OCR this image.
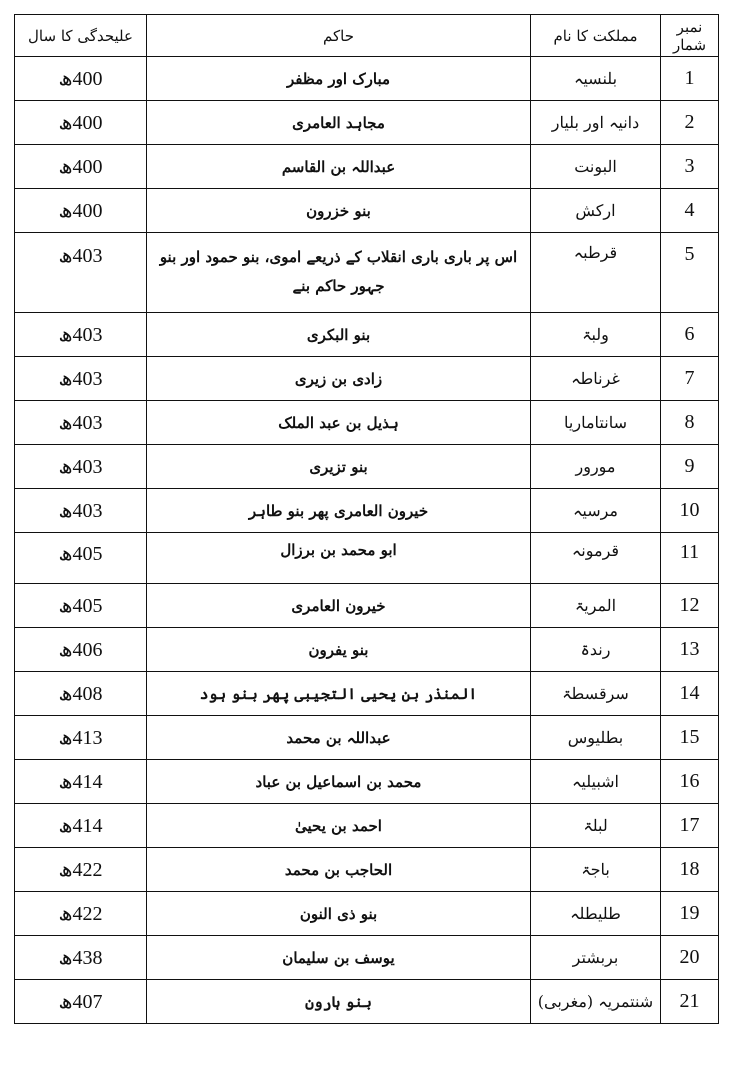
نمبر شمار	مملکت کا نام	حاکم	علیحدگی کا سال
1	بلنسیہ	مبارک اور مظفر	400ھ
2	دانیہ اور بلیار	مجاہد العامری	400ھ
3	البونت	عبداللہ بن القاسم	400ھ
4	ارکش	بنو خزرون	400ھ
5	قرطبہ	اس پر باری باری انقلاب کے ذریعے اموی، بنو حمود اور بنو جہور حاکم بنے	403ھ
6	ولبۃ	بنو البکری	403ھ
7	غرناطہ	زادی بن زیری	403ھ
8	سانتاماریا	ہذیل بن عبد الملک	403ھ
9	مورور	بنو تزیری	403ھ
10	مرسیہ	خیرون العامری پھر بنو طاہر	403ھ
11	قرمونہ	ابو محمد بن برزال	405ھ
12	المریۃ	خیرون العامری	405ھ
13	رندۃ	بنو یفرون	406ھ
14	سرقسطۃ	المنذر بن یحیی التجیبی پھر بنو ہود	408ھ
15	بطلیوس	عبداللہ بن محمد	413ھ
16	اشبیلیہ	محمد بن اسماعیل بن عباد	414ھ
17	لبلۃ	احمد بن یحییٰ	414ھ
18	باجۃ	الحاجب بن محمد	422ھ
19	طلیطلہ	بنو ذی النون	422ھ
20	بربشتر	یوسف بن سلیمان	438ھ
21	شنتمریہ (مغربی)	بنو ہارون	407ھ
